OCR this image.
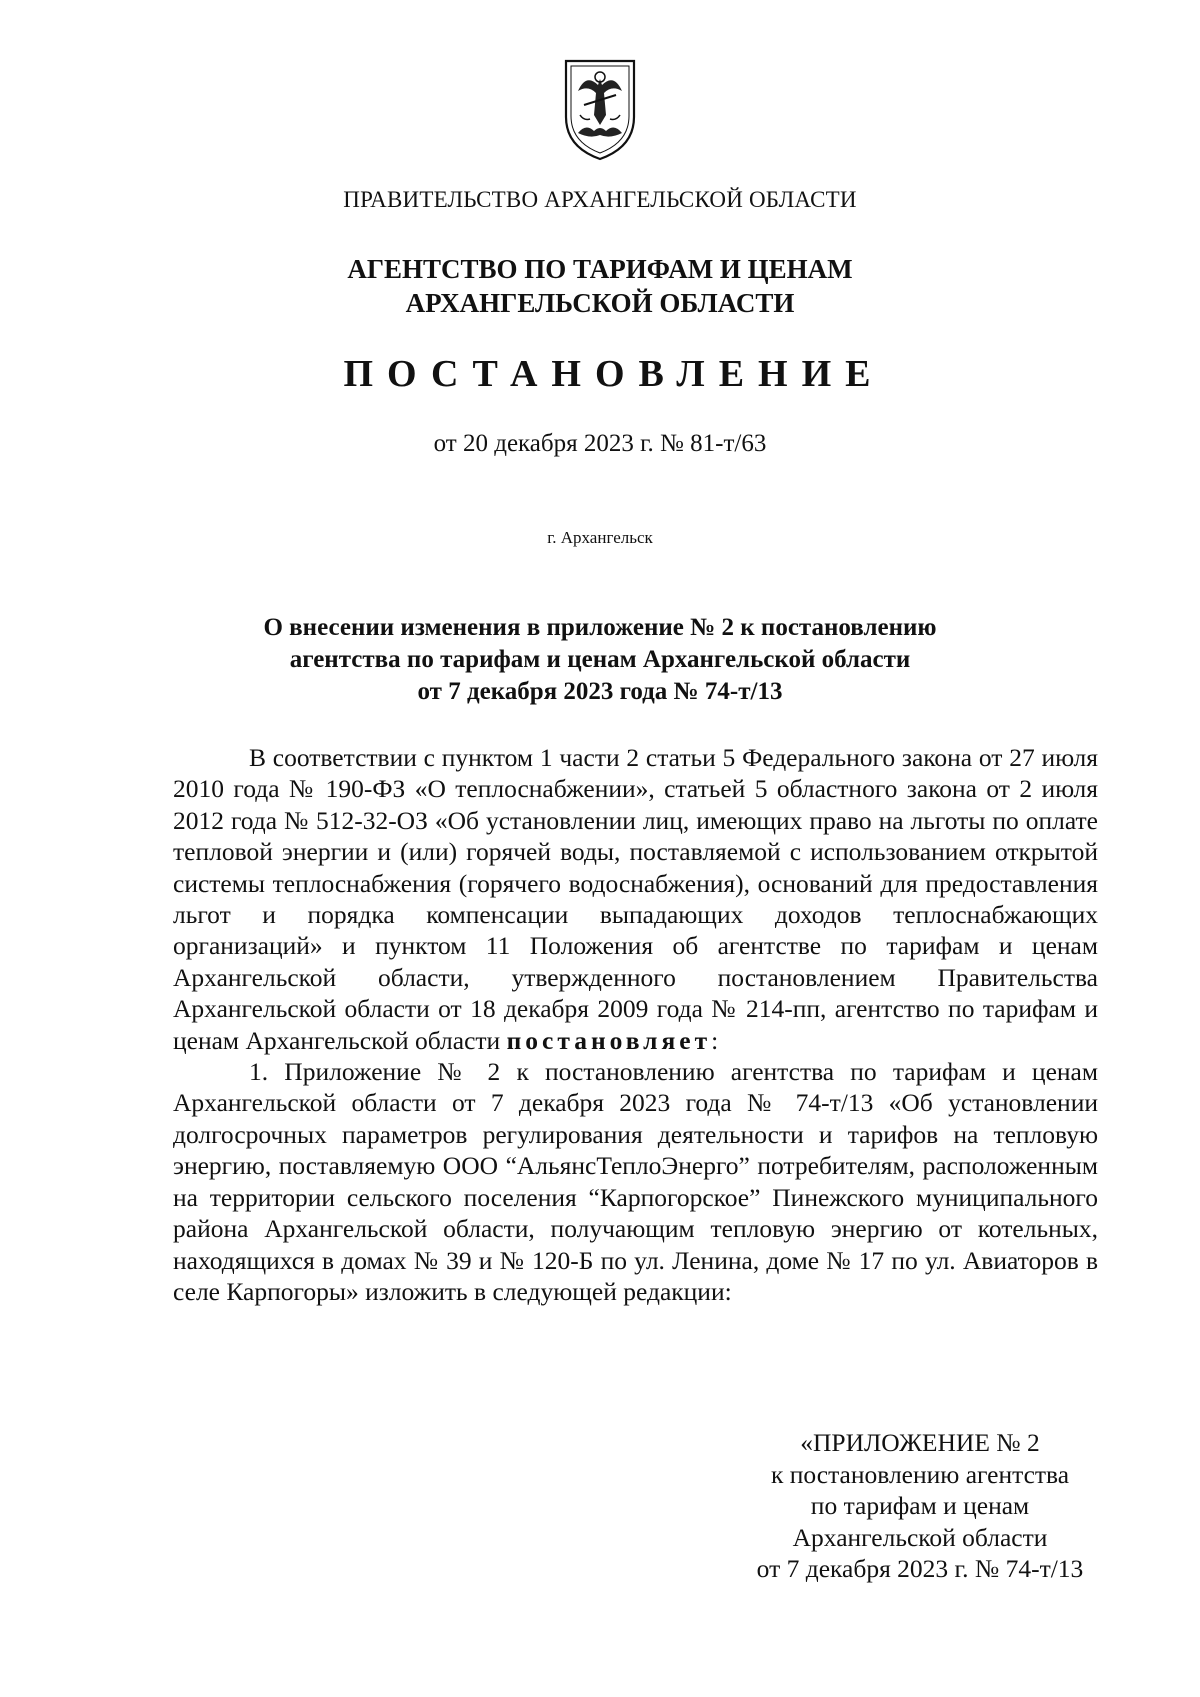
ПРАВИТЕЛЬСТВО АРХАНГЕЛЬСКОЙ ОБЛАСТИ
АГЕНТСТВО ПО ТАРИФАМ И ЦЕНАМ
АРХАНГЕЛЬСКОЙ ОБЛАСТИ
ПОСТАНОВЛЕНИЕ
от 20 декабря 2023 г. № 81-т/63
г. Архангельск
О внесении изменения в приложение № 2 к постановлению
агентства по тарифам и ценам Архангельской области
от 7 декабря 2023 года № 74-т/13

В соответствии с пунктом 1 части 2 статьи 5 Федерального закона от 27 июля 2010 года № 190-ФЗ «О теплоснабжении», статьей 5 областного закона от 2 июля 2012 года № 512-32-ОЗ «Об установлении лиц, имеющих право на льготы по оплате тепловой энергии и (или) горячей воды, поставляемой с использованием открытой системы теплоснабжения (горячего водоснабжения), оснований для предоставления льгот и порядка компенсации выпадающих доходов теплоснабжающих организаций» и пунктом 11 Положения об агентстве по тарифам и ценам Архангельской области, утвержденного постановлением Правительства Архангельской области от 18 декабря 2009 года № 214-пп, агентство по тарифам и ценам Архангельской области постановляет:

1. Приложение № 2 к постановлению агентства по тарифам и ценам Архангельской области от 7 декабря 2023 года № 74-т/13 «Об установлении долгосрочных параметров регулирования деятельности и тарифов на тепловую энергию, поставляемую ООО “АльянсТеплоЭнерго” потребителям, расположенным на территории сельского поселения “Карпогорское” Пинежского муниципального района Архангельской области, получающим тепловую энергию от котельных, находящихся в домах № 39 и № 120-Б по ул. Ленина, доме № 17 по ул. Авиаторов в селе Карпогоры» изложить в следующей редакции:

«ПРИЛОЖЕНИЕ № 2
к постановлению агентства
по тарифам и ценам
Архангельской области
от 7 декабря 2023 г. № 74-т/13
